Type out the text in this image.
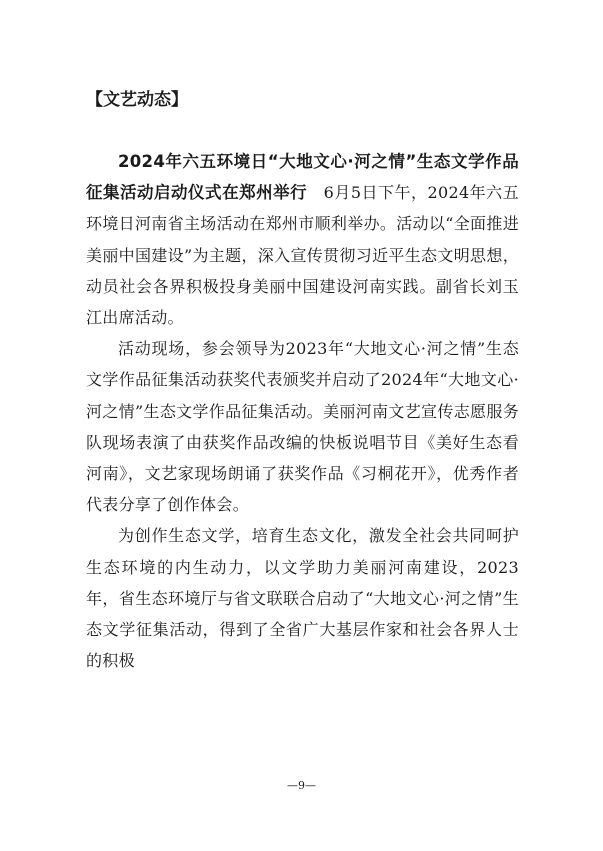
【文艺动态】

2024年六五环境日“大地文心·河之情”生态文学作品征集活动启动仪式在郑州举行　 6月5日下午，2024年六五环境日河南省主场活动在郑州市顺利举办。活动以“全面推进美丽中国建设”为主题，深入宣传贯彻习近平生态文明思想，动员社会各界积极投身美丽中国建设河南实践。副省长刘玉江出席活动。

活动现场，参会领导为2023年“大地文心·河之情”生态文学作品征集活动获奖代表颁奖并启动了2024年“大地文心·河之情”生态文学作品征集活动。美丽河南文艺宣传志愿服务队现场表演了由获奖作品改编的快板说唱节目《美好生态看河南》，文艺家现场朗诵了获奖作品《习桐花开》，优秀作者代表分享了创作体会。

为创作生态文学，培育生态文化，激发全社会共同呵护生态环境的内生动力，以文学助力美丽河南建设，2023年，省生态环境厅与省文联联合启动了“大地文心·河之情”生态文学征集活动，得到了全省广大基层作家和社会各界人士的积极

—9—
